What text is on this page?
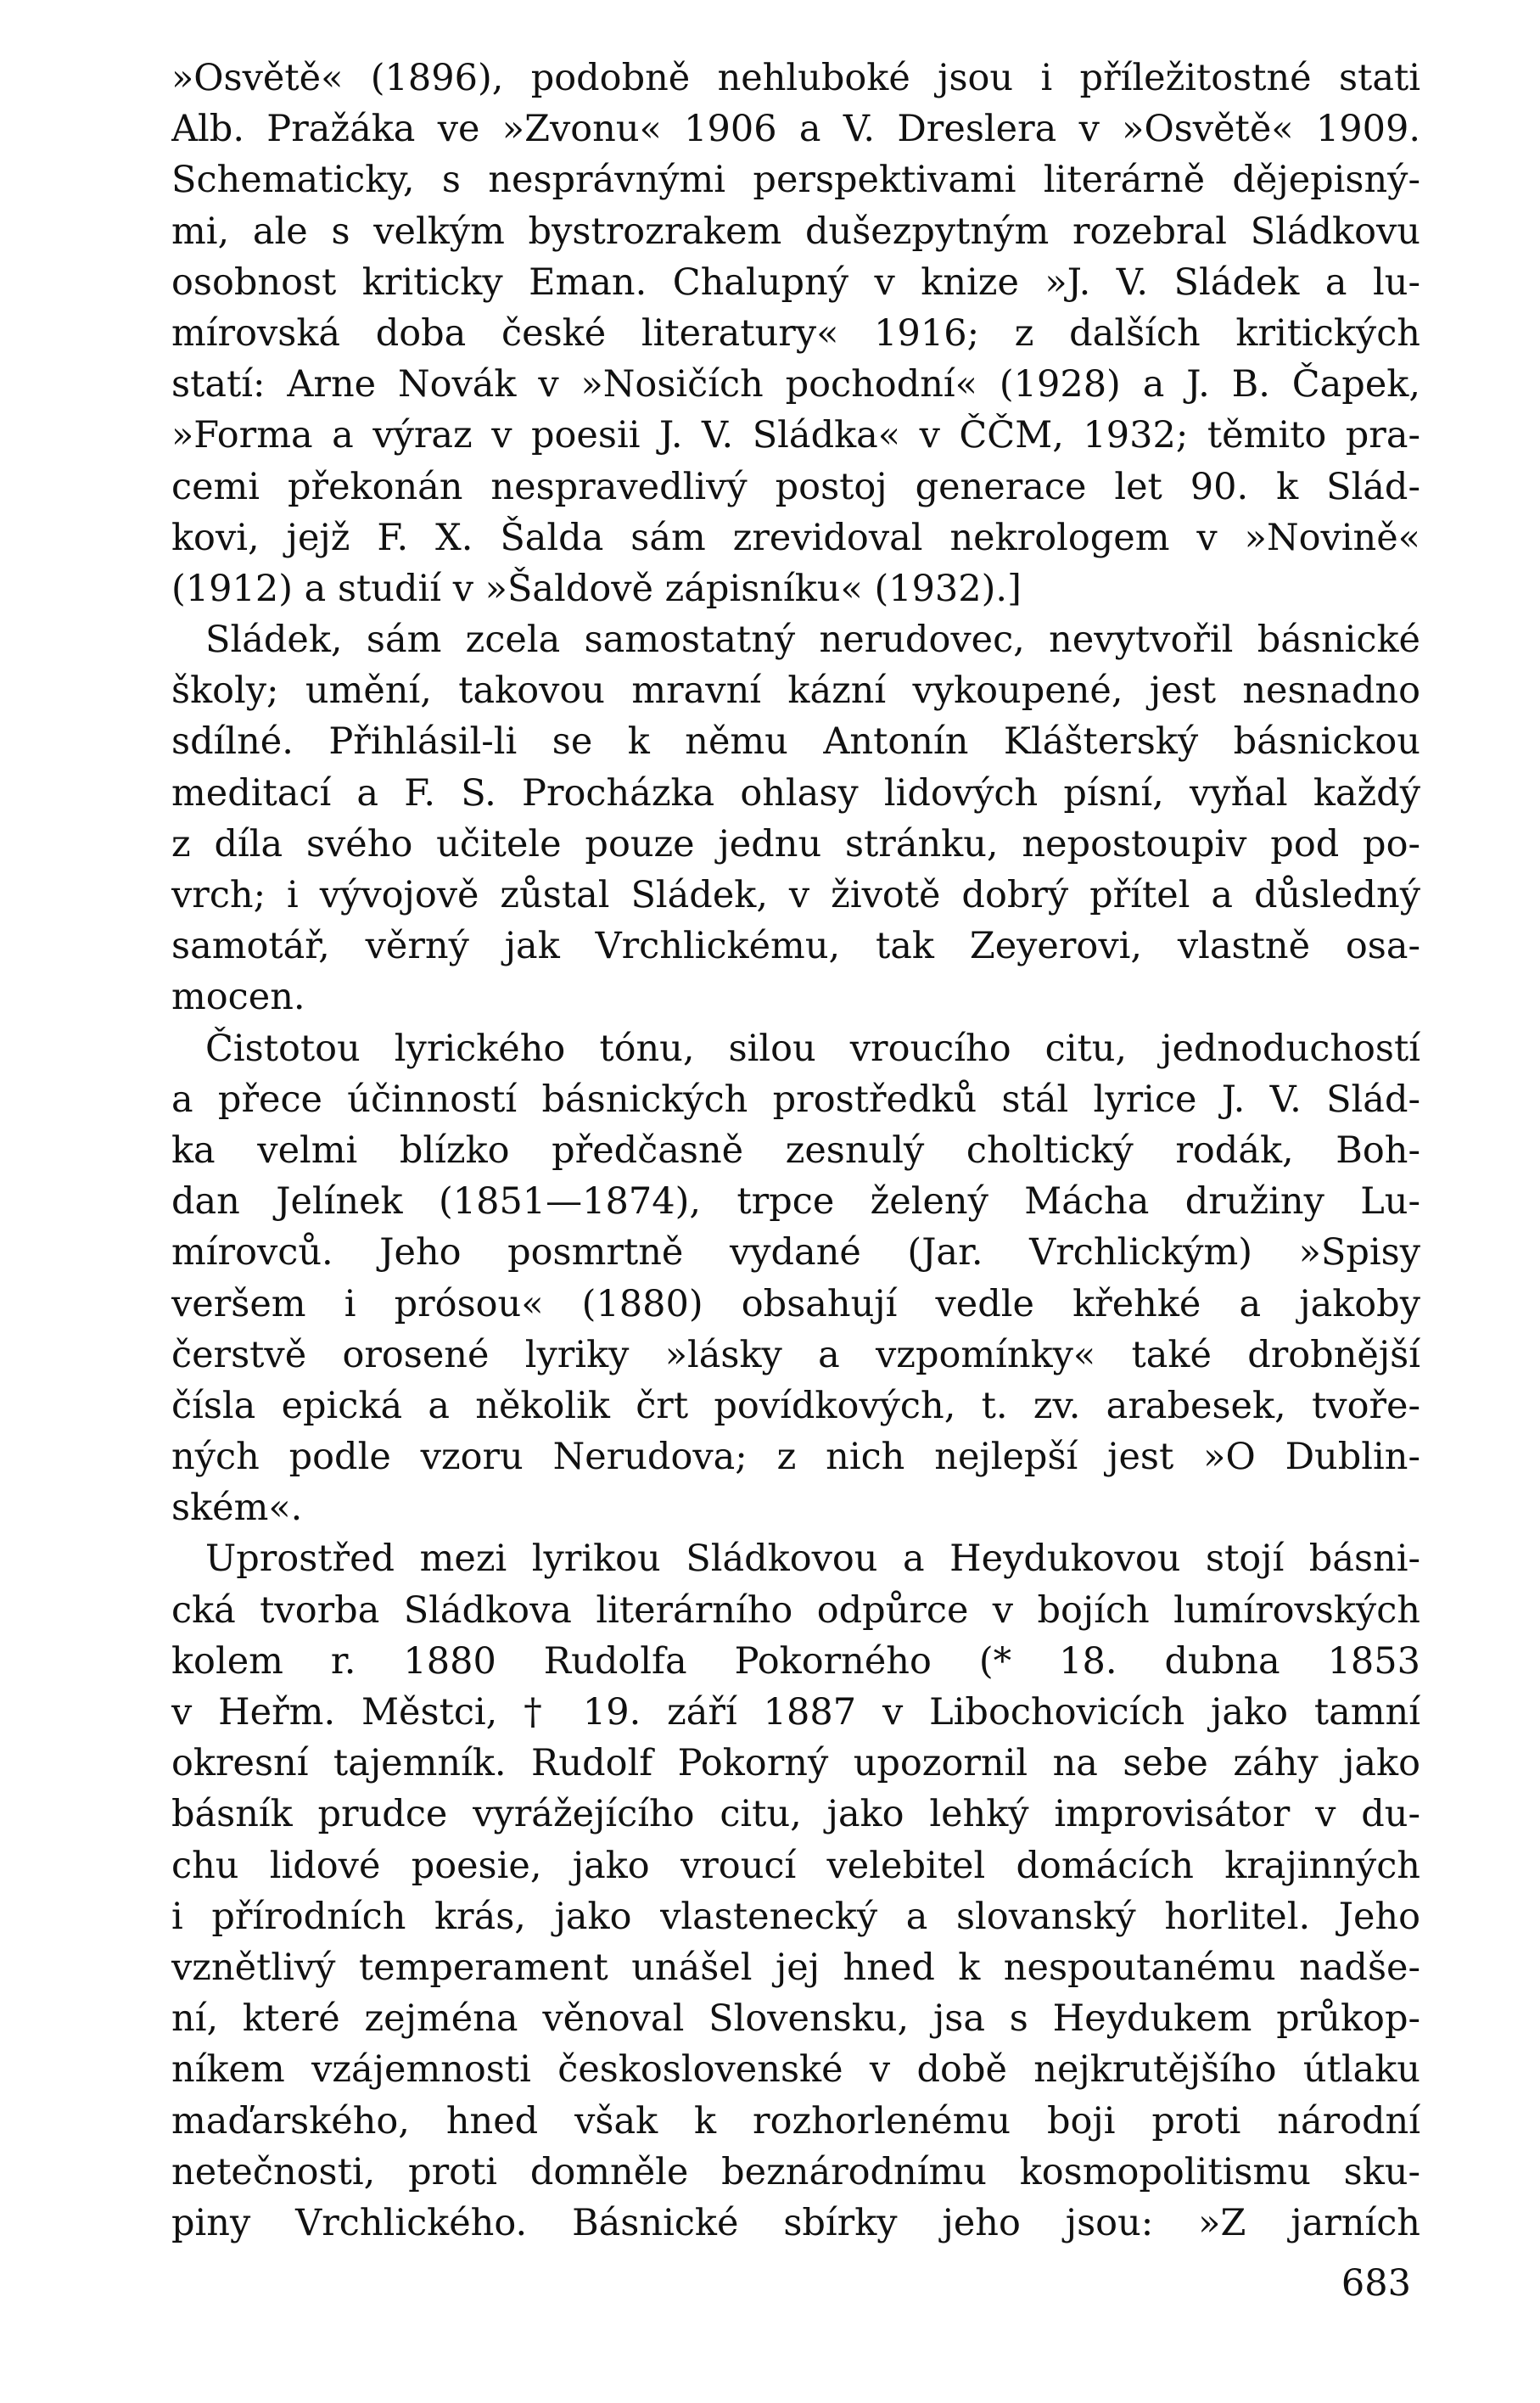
»Osvětě« (1896), podobně nehluboké jsou i příležitostné stati
Alb. Pražáka ve »Zvonu« 1906 a V. Dreslera v »Osvětě« 1909.
Schematicky, s nesprávnými perspektivami literárně dějepisný-
mi, ale s velkým bystrozrakem dušezpytným rozebral Sládkovu
osobnost kriticky Eman. Chalupný v knize »J. V. Sládek a lu-
mírovská doba české literatury« 1916; z dalších kritických
statí: Arne Novák v »Nosičích pochodní« (1928) a J. B. Čapek,
»Forma a výraz v poesii J. V. Sládka« v ČČM, 1932; těmito pra-
cemi překonán nespravedlivý postoj generace let 90. k Slád-
kovi, jejž F. X. Šalda sám zrevidoval nekrologem v »Novině«
(1912) a studií v »Šaldově zápisníku« (1932).]
Sládek, sám zcela samostatný nerudovec, nevytvořil básnické
školy; umění, takovou mravní kázní vykoupené, jest nesnadno
sdílné. Přihlásil-li se k němu Antonín Klášterský básnickou
meditací a F. S. Procházka ohlasy lidových písní, vyňal každý
z díla svého učitele pouze jednu stránku, nepostoupiv pod po-
vrch; i vývojově zůstal Sládek, v životě dobrý přítel a důsledný
samotář, věrný jak Vrchlickému, tak Zeyerovi, vlastně osa-
mocen.
Čistotou lyrického tónu, silou vroucího citu, jednoduchostí
a přece účinností básnických prostředků stál lyrice J. V. Slád-
ka velmi blízko předčasně zesnulý choltický rodák, Boh-
dan Jelínek (1851—1874), trpce želený Mácha družiny Lu-
mírovců. Jeho posmrtně vydané (Jar. Vrchlickým) »Spisy
veršem i prósou« (1880) obsahují vedle křehké a jakoby
čerstvě orosené lyriky »lásky a vzpomínky« také drobnější
čísla epická a několik črt povídkových, t. zv. arabesek, tvoře-
ných podle vzoru Nerudova; z nich nejlepší jest »O Dublin-
ském«.
Uprostřed mezi lyrikou Sládkovou a Heydukovou stojí básni-
cká tvorba Sládkova literárního odpůrce v bojích lumírovských
kolem r. 1880 Rudolfa Pokorného (* 18. dubna 1853
v Heřm. Městci, † 19. září 1887 v Libochovicích jako tamní
okresní tajemník. Rudolf Pokorný upozornil na sebe záhy jako
básník prudce vyrážejícího citu, jako lehký improvisátor v du-
chu lidové poesie, jako vroucí velebitel domácích krajinných
i přírodních krás, jako vlastenecký a slovanský horlitel. Jeho
vznětlivý temperament unášel jej hned k nespoutanému nadše-
ní, které zejména věnoval Slovensku, jsa s Heydukem průkop-
níkem vzájemnosti československé v době nejkrutějšího útlaku
maďarského, hned však k rozhorlenému boji proti národní
netečnosti, proti domněle beznárodnímu kosmopolitismu sku-
piny Vrchlického. Básnické sbírky jeho jsou: »Z jarních
683
